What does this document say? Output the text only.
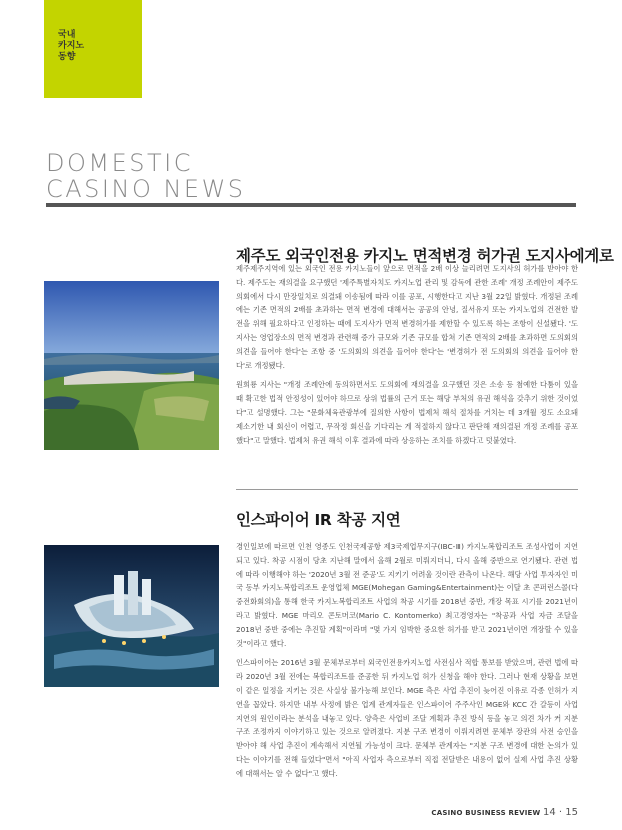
국내
카지노
동향
DOMESTIC
CASINO NEWS
제주도 외국인전용 카지노 면적변경 허가권 도지사에게로

제주제주지역에 있는 외국인 전용 카지노들이 앞으로 면적을 2배 이상 늘리려면 도지사의 허가를 받아야 한다. 제주도는 재의결을 요구했던 '제주특별자치도 카지노업 관리 및 감독에 관한 조례' 개정 조례안이 제주도의회에서 다시 만장일치로 의결돼 이송됨에 따라 이를 공포, 시행한다고 지난 3월 22일 밝혔다. 개정된 조례에는 기존 면적의 2배를 초과하는 면적 변경에 대해서는 공공의 안녕, 질서유지 또는 카지노업의 건전한 발전을 위해 필요하다고 인정하는 때에 도지사가 면적 변경허가를 제한할 수 있도록 하는 조항이 신설됐다. '도지사는 영업장소의 면적 변경과 관련해 증가 규모와 기존 규모를 합쳐 기존 면적의 2배를 초과하면 도의회의 의견을 들어야 한다'는 조항 중 '도의회의 의견을 들어야 한다'는 '변경허가 전 도의회의 의견을 들어야 한다'로 개정됐다.

원희룡 지사는 "개정 조례안에 동의하면서도 도의회에 재의결을 요구했던 것은 소송 등 첨예한 다툼이 있을 때 확고한 법적 안정성이 있어야 하므로 상위 법률의 근거 또는 해당 부처의 유권 해석을 갖추기 위한 것이었다"고 설명했다. 그는 "문화체육관광부에 질의한 사항이 법제처 해석 절차를 거치는 데 3개월 정도 소요돼 제소기한 내 회신이 어렵고, 무작정 회신을 기다리는 게 적절하지 않다고 판단해 재의결된 개정 조례를 공포했다"고 말했다. 법제처 유권 해석 이후 결과에 따라 상응하는 조치를 하겠다고 덧붙였다.

인스파이어 IR 착공 지연

경인일보에 따르면 인천 영종도 인천국제공항 제3국제업무지구(IBC-Ⅲ) 카지노복합리조트 조성사업이 지연되고 있다. 착공 시점이 당초 지난해 말에서 올해 2월로 미뤄지더니, 다시 올해 중반으로 연기됐다. 관련 법에 따라 이행해야 하는 '2020년 3월 전 준공'도 지키기 어려울 것이란 관측이 나온다. 해당 사업 투자자인 미국 동부 카지노복합리조트 운영업체 MGE(Mohegan Gaming&Entertainment)는 이달 초 콘퍼런스콜(다중전화회의)을 통해 한국 카지노복합리조트 사업의 착공 시기를 2018년 중반, 개장 목표 시기를 2021년이라고 밝혔다. MGE 마리오 콘토머코(Mario C. Kontomerko) 최고경영자는 "착공과 사업 자금 조달을 2018년 중반 중에는 추진할 계획"이라며 "몇 가지 임박한 중요한 허가를 받고 2021년이면 개장할 수 있을 것"이라고 했다.

인스파이어는 2016년 3월 문체부로부터 외국인전용카지노업 사전심사 적합 통보를 받았으며, 관련 법에 따라 2020년 3월 전에는 복합리조트를 준공한 뒤 카지노업 허가 신청을 해야 한다. 그러나 현재 상황을 보면 이 같은 일정을 지키는 것은 사실상 불가능해 보인다. MGE 측은 사업 추진이 늦어진 이유로 각종 인허가 지연을 꼽았다. 하지만 내부 사정에 밝은 업계 관계자들은 인스파이어 주주사인 MGE와 KCC 간 갈등이 사업 지연의 원인이라는 분석을 내놓고 있다. 양측은 사업비 조달 계획과 추진 방식 등을 놓고 의견 차가 커 지분 구조 조정까지 이야기하고 있는 것으로 알려졌다. 지분 구조 변경이 이뤄지려면 문체부 장관의 사전 승인을 받아야 해 사업 추진이 계속해서 지연될 가능성이 크다. 문체부 관계자는 "지분 구조 변경에 대한 논의가 있다는 이야기를 전해 들었다"면서 "아직 사업자 측으로부터 직접 전달받은 내용이 없어 실제 사업 추진 상황에 대해서는 알 수 없다"고 했다.

CASINO BUSINESS REVIEW 14 · 15
